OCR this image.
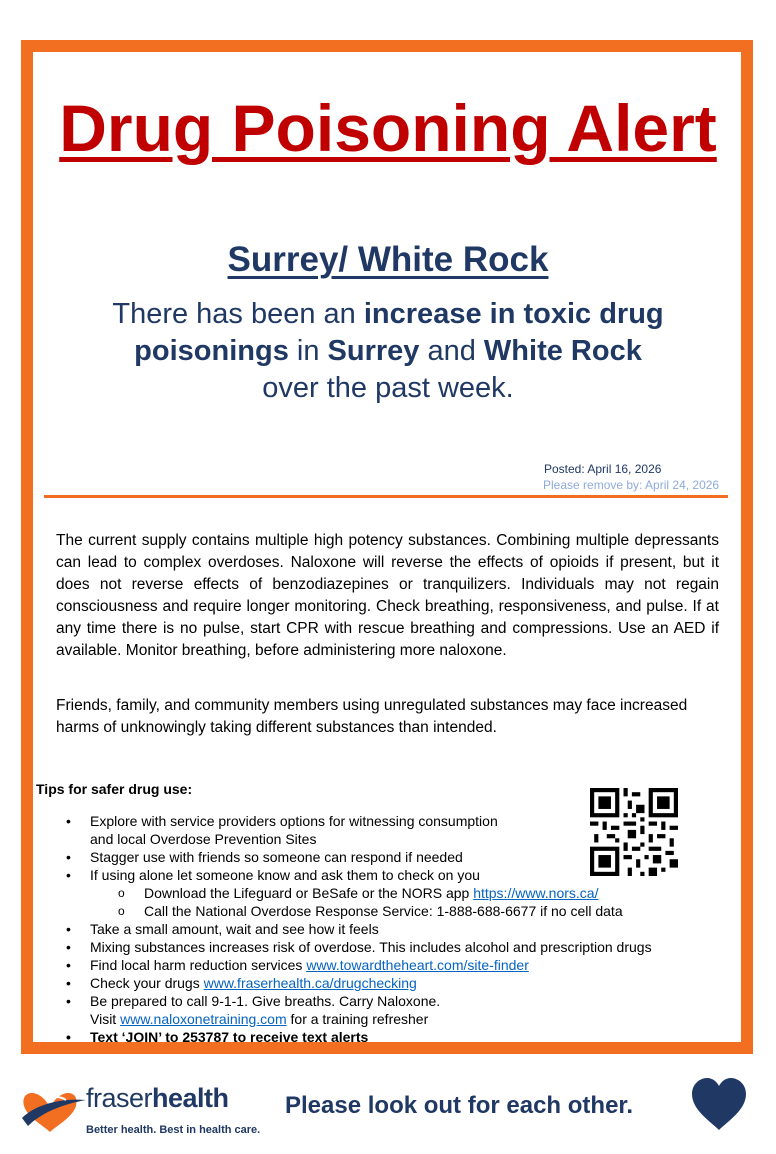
Drug Poisoning Alert
Surrey/ White Rock
There has been an increase in toxic drug poisonings in Surrey and White Rock
over the past week.
Posted: April 16, 2026
Please remove by: April 24, 2026

The current supply contains multiple high potency substances. Combining multiple depressants can lead to complex overdoses. Naloxone will reverse the effects of opioids if present, but it does not reverse effects of benzodiazepines or tranquilizers. Individuals may not regain consciousness and require longer monitoring. Check breathing, responsiveness, and pulse. If at any time there is no pulse, start CPR with rescue breathing and compressions. Use an AED if available. Monitor breathing, before administering more naloxone.

Friends, family, and community members using unregulated substances may face increased harms of unknowingly taking different substances than intended.

Tips for safer drug use:
• Explore with service providers options for witnessing consumption
and local Overdose Prevention Sites
• Stagger use with friends so someone can respond if needed
• If using alone let someone know and ask them to check on you
o Download the Lifeguard or BeSafe or the NORS app https://www.nors.ca/
o Call the National Overdose Response Service: 1-888-688-6677 if no cell data
• Take a small amount, wait and see how it feels
• Mixing substances increases risk of overdose. This includes alcohol and prescription drugs
• Find local harm reduction services www.towardtheheart.com/site-finder
• Check your drugs www.fraserhealth.ca/drugchecking
• Be prepared to call 9-1-1. Give breaths. Carry Naloxone.
Visit www.naloxonetraining.com for a training refresher
• Text ‘JOIN’ to 253787 to receive text alerts
fraserhealth
Better health. Best in health care.
Please look out for each other.
